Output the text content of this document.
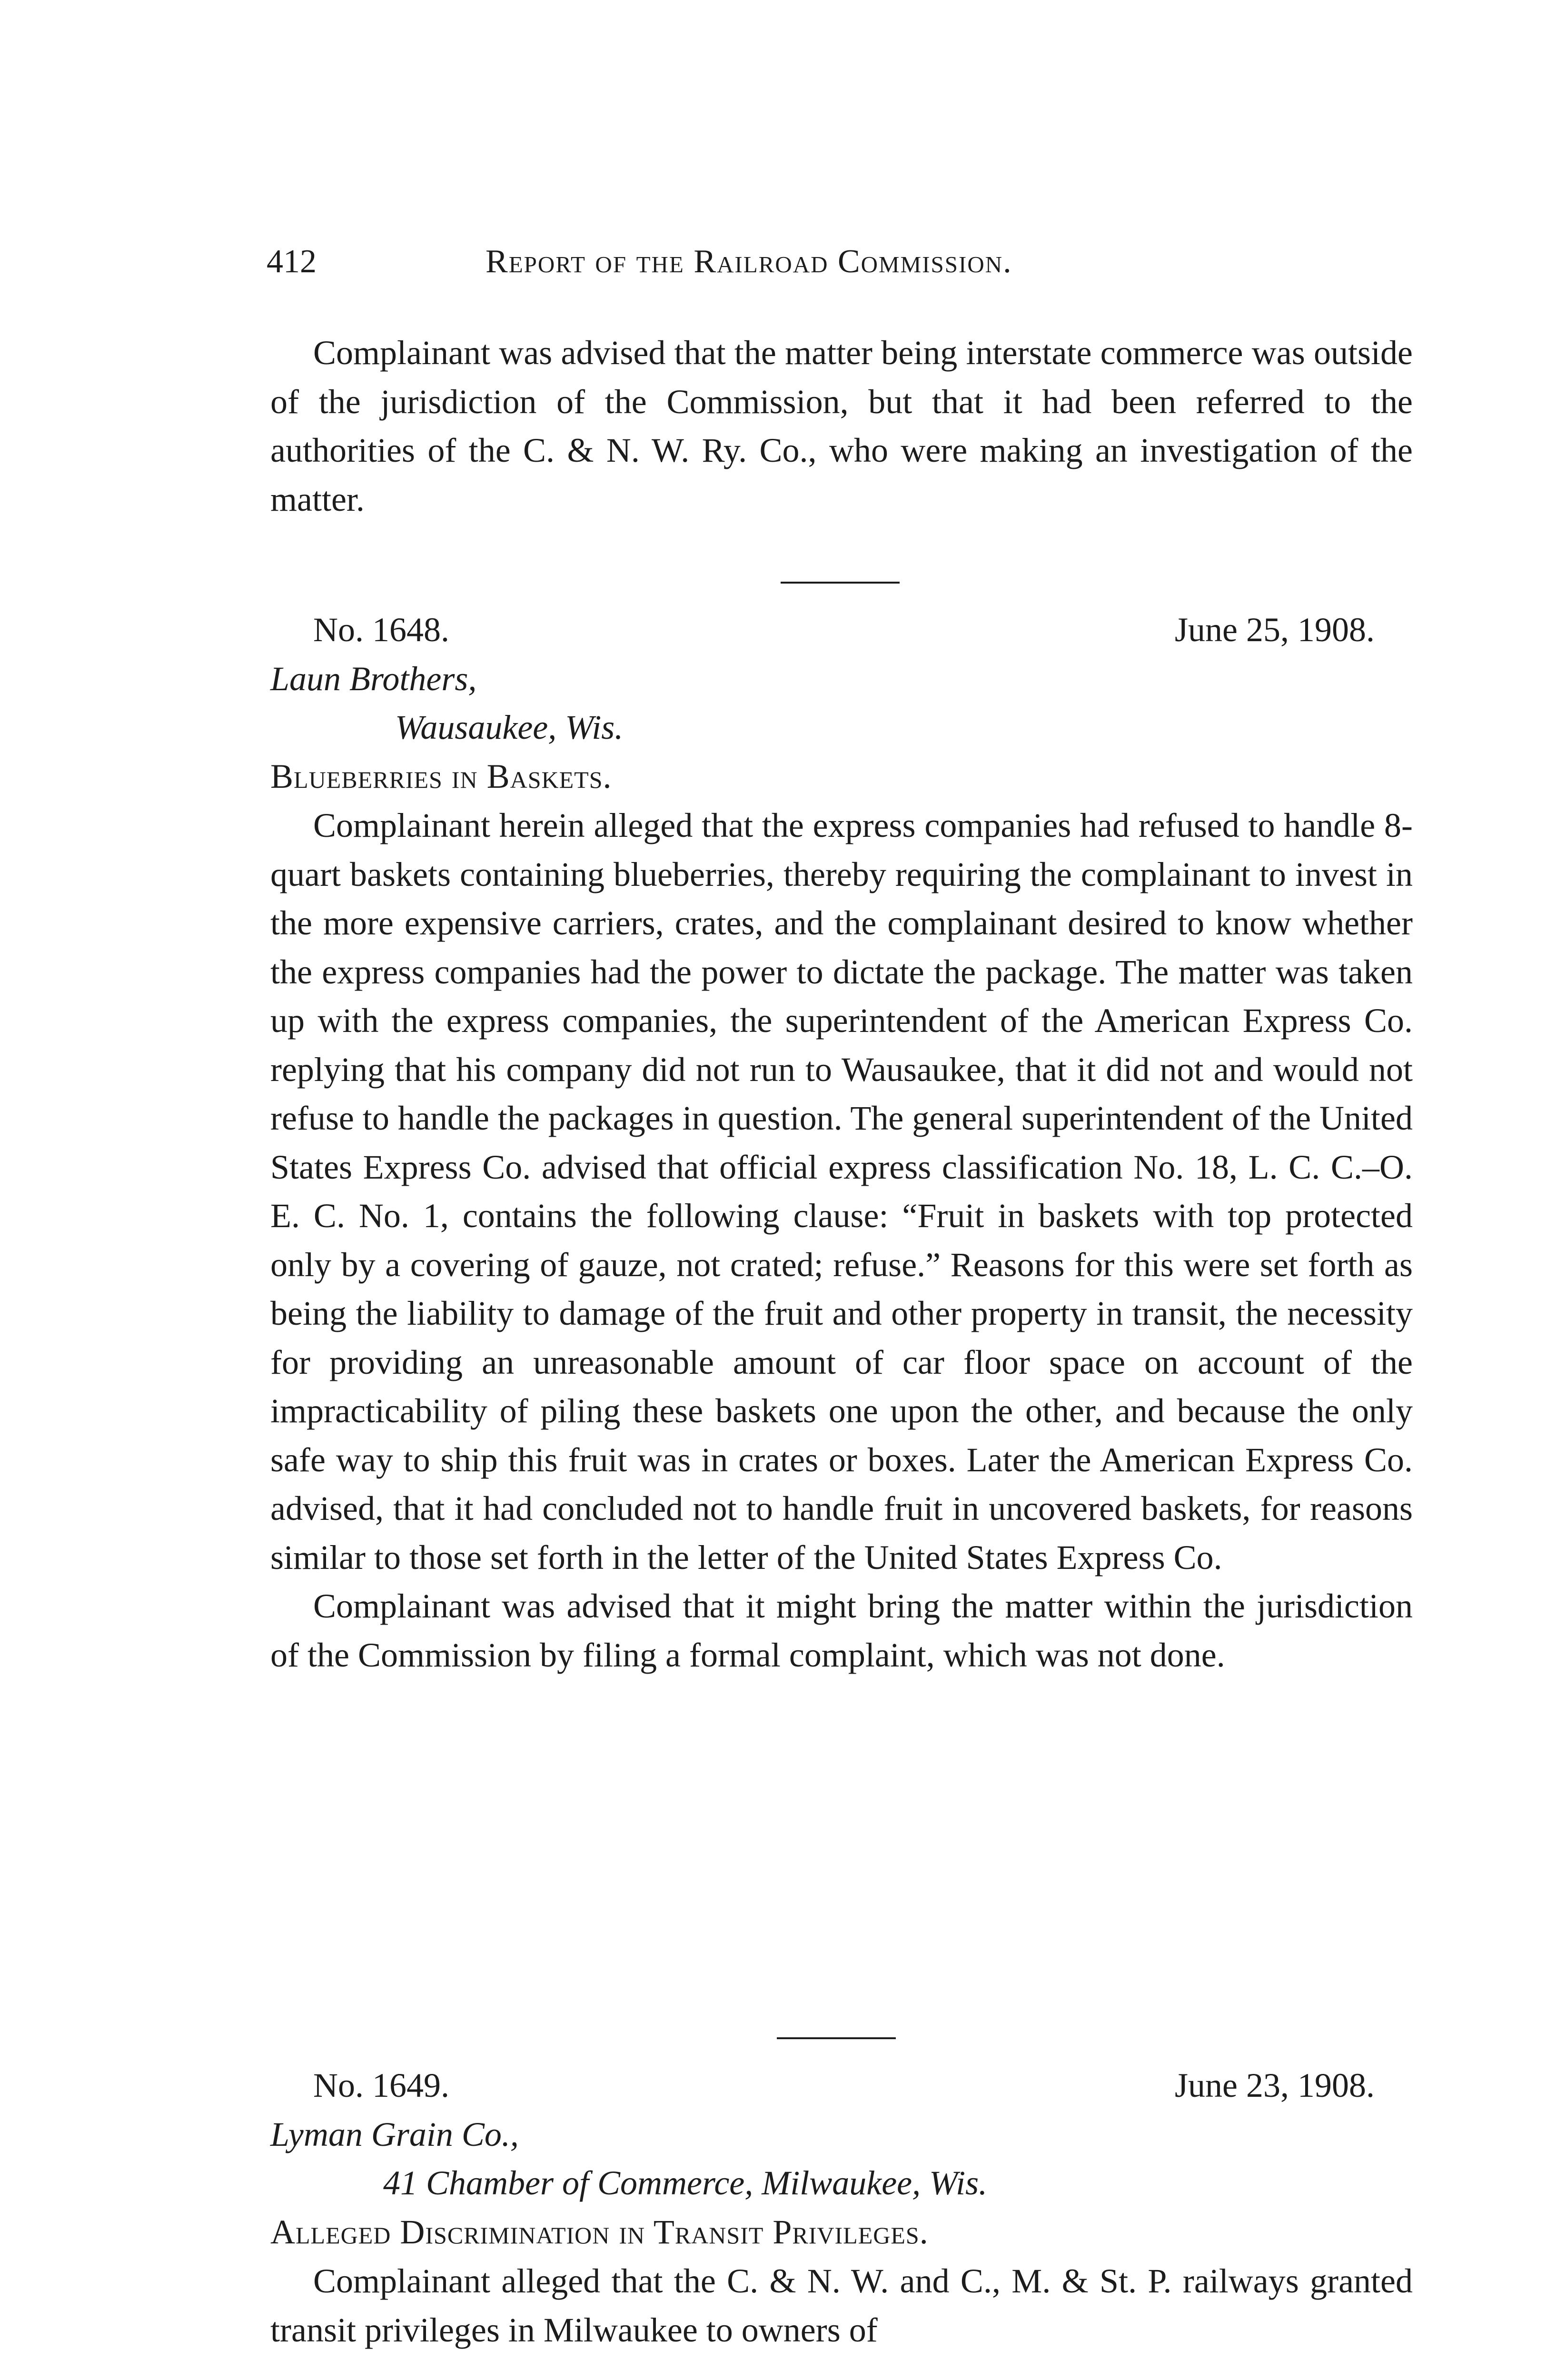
412	Report of the Railroad Commission.

Complainant was advised that the matter being interstate commerce was outside of the jurisdiction of the Commission, but that it had been referred to the authorities of the C. & N. W. Ry. Co., who were making an investigation of the matter.

No. 1648.	June 25, 1908.
Laun Brothers,
Wausaukee, Wis.
Blueberries in Baskets.

Complainant herein alleged that the express companies had refused to handle 8-quart baskets containing blueberries, thereby requiring the complainant to invest in the more expensive carriers, crates, and the complainant desired to know whether the express companies had the power to dictate the package. The matter was taken up with the express companies, the superintendent of the American Express Co. replying that his company did not run to Wausaukee, that it did not and would not refuse to handle the packages in question. The general superintendent of the United States Express Co. advised that official express classification No. 18, L. C. C.–O. E. C. No. 1, contains the following clause: “Fruit in baskets with top protected only by a covering of gauze, not crated; refuse.” Reasons for this were set forth as being the liability to damage of the fruit and other property in transit, the necessity for providing an unreasonable amount of car floor space on account of the impracticability of piling these baskets one upon the other, and because the only safe way to ship this fruit was in crates or boxes. Later the American Express Co. advised, that it had concluded not to handle fruit in uncovered baskets, for reasons similar to those set forth in the letter of the United States Express Co.

Complainant was advised that it might bring the matter within the jurisdiction of the Commission by filing a formal complaint, which was not done.

No. 1649.	June 23, 1908.
Lyman Grain Co.,
41 Chamber of Commerce, Milwaukee, Wis.
Alleged Discrimination in Transit Privileges.

Complainant alleged that the C. & N. W. and C., M. & St. P. railways granted transit privileges in Milwaukee to owners of
